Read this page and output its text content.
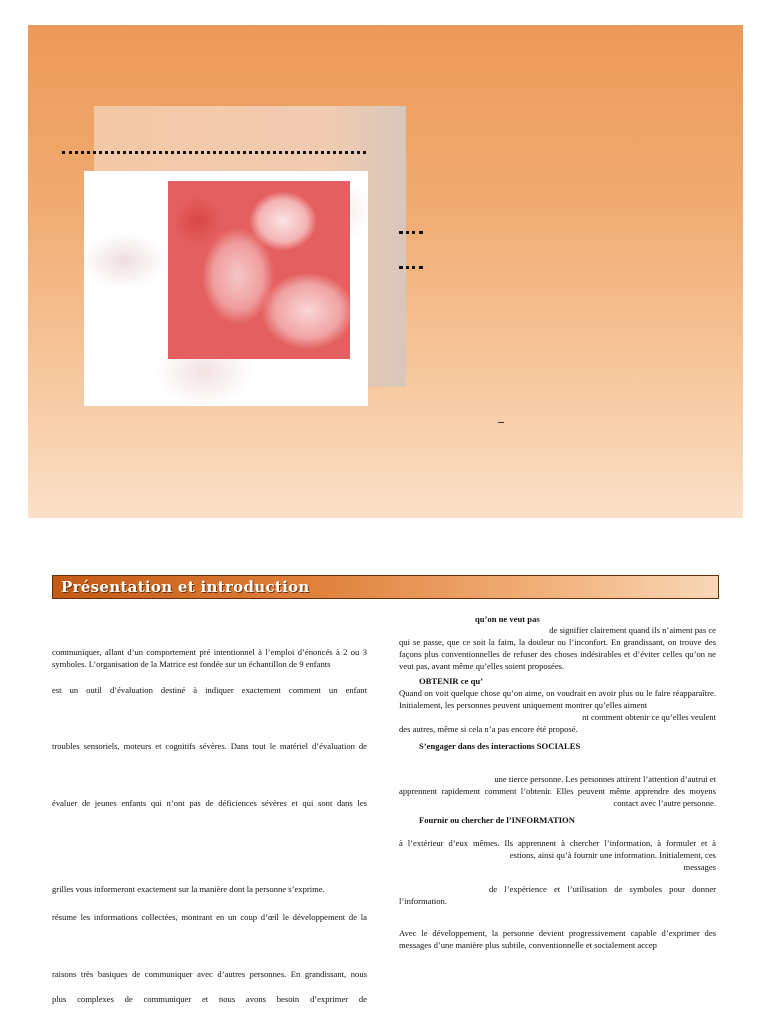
Présentation et introduction

communiquer, allant d’un comportement pré intentionnel à l’emploi d’énoncés à 2 ou 3 symboles. L’organisation de la Matrice est fondée sur un échantillon de 9 enfants

est un outil d’évaluation destiné à indiquer exactement comment un enfant

troubles sensoriels, moteurs et cognitifs sévères. Dans tout le matériel d’évaluation de

évaluer de jeunes enfants qui n’ont pas de déficiences sévères et qui sont dans les

grilles vous informeront exactement sur la manière dont la personne s’exprime.

résume les informations collectées, montrant en un coup d’œil le développement de la

raisons très basiques de communiquer avec d’autres personnes. En grandissant, nous

plus complexes de communiquer et nous avons besoin d’exprimer de

qu’on ne veut pas

de signifier clairement quand ils n’aiment pas ce

qui se passe, que ce soit la faim, la douleur ou l’inconfort. En grandissant, on trouve des façons plus conventionnelles de refuser des choses indésirables et d’éviter celles qu’on ne veut pas, avant même qu’elles soient proposées.

OBTENIR ce qu’

Quand on voit quelque chose qu’on aime, on voudrait en avoir plus ou le faire réapparaître. Initialement, les personnes peuvent uniquement montrer qu’elles aiment

nt comment obtenir ce qu’elles veulent

des autres, même si cela n’a pas encore été proposé.

S’engager dans des interactions SOCIALES

une tierce personne. Les personnes attirent l’attention d’autrui et

apprennent rapidement comment l’obtenir. Elles peuvent même apprendre des moyens

contact avec l’autre personne.

Fournir ou chercher de l’INFORMATION

à l’extérieur d’eux mêmes. Ils apprennent à chercher l’information, à formuler et à

estions, ainsi qu’à fournir une information. Initialement, ces messages

de l’expérience et l’utilisation de symboles pour donner

l’information.

Avec le développement, la personne devient progressivement capable d’exprimer des messages d’une manière plus subtile, conventionnelle et socialement accep
